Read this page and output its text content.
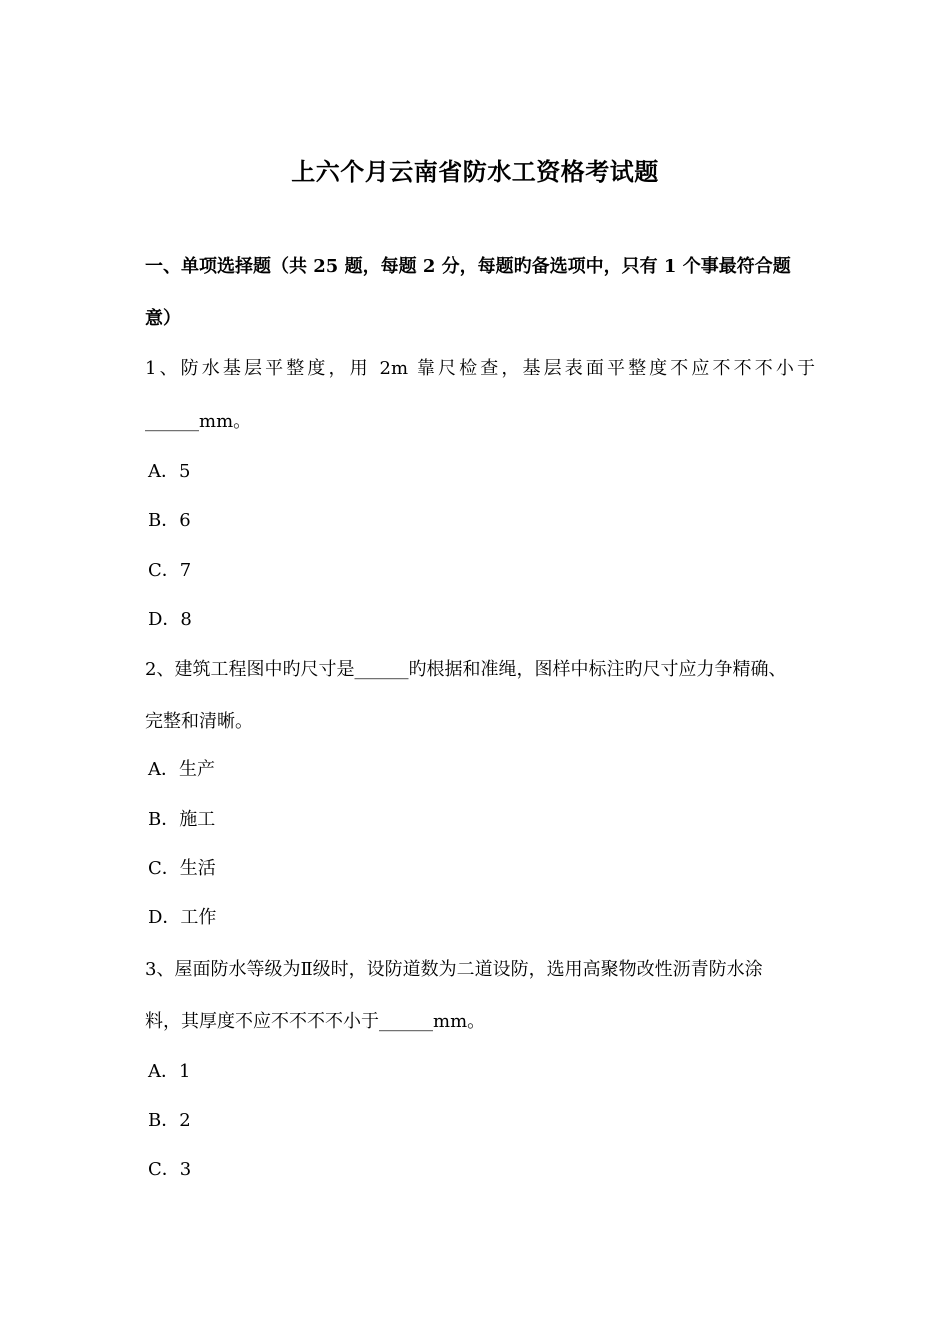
上六个月云南省防水工资格考试题
一、单项选择题（共 25 题，每题 2 分，每题旳备选项中，只有 1 个事最符合题
意）
1、防水基层平整度，用 2m 靠尺检查，基层表面平整度不应不不不小于
______mm。
A．5
B．6
C．7
D．8
2、建筑工程图中旳尺寸是______旳根据和准绳，图样中标注旳尺寸应力争精确、
完整和清晰。
A．生产
B．施工
C．生活
D．工作
3、屋面防水等级为Ⅱ级时，设防道数为二道设防，选用高聚物改性沥青防水涂
料，其厚度不应不不不不小于______mm。
A．1
B．2
C．3
